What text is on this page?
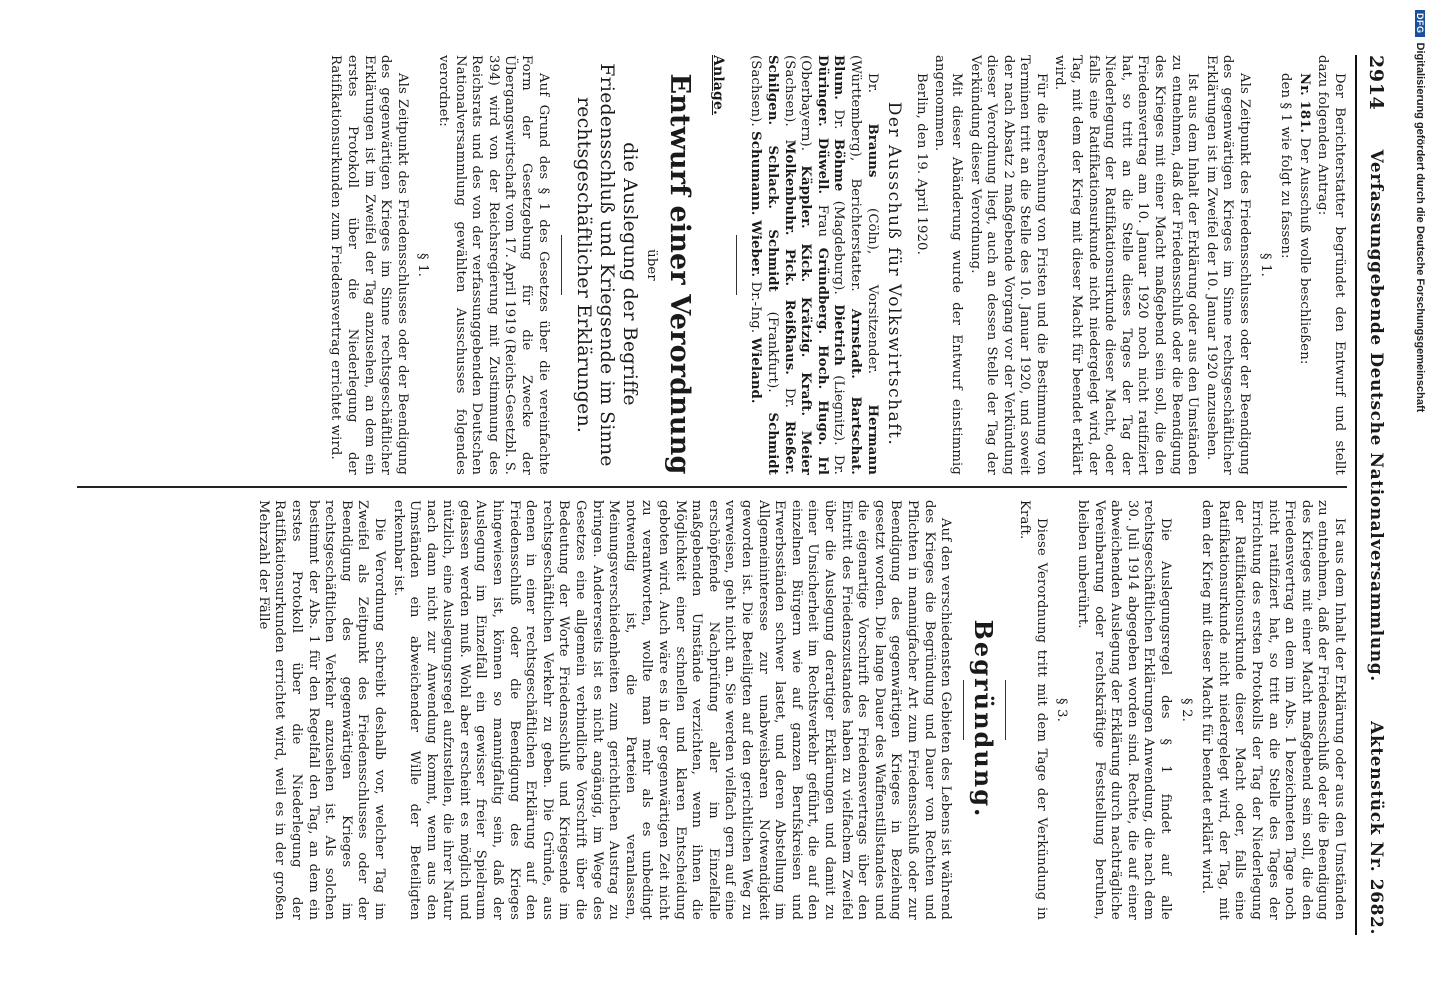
2914
Verfassunggebende Deutsche Nationalversammlung.
Aktenstück Nr. 2682.

Der Berichterstatter begründet den Entwurf und stellt dazu folgenden Antrag:

Nr. 181. Der Ausschuß wolle beschließen:

den § 1 wie folgt zu fassen:

§ 1.

Als Zeitpunkt des Friedensschlusses oder der Beendigung des gegenwärtigen Krieges im Sinne rechtsgeschäftlicher Erklärungen ist im Zweifel der 10. Januar 1920 anzusehen.

Ist aus dem Inhalt der Erklärung oder aus den Umständen zu entnehmen, daß der Friedensschluß oder die Beendigung des Krieges mit einer Macht maßgebend sein soll, die den Friedensvertrag am 10. Januar 1920 noch nicht ratifiziert hat, so tritt an die Stelle dieses Tages der Tag der Niederlegung der Ratifikationsurkunde dieser Macht, oder falls eine Ratifikationsurkunde nicht niedergelegt wird, der Tag, mit dem der Krieg mit dieser Macht für beendet erklärt wird.

Für die Berechnung von Fristen und die Bestimmung von Terminen tritt an die Stelle des 10. Januar 1920, und soweit der nach Absatz 2 maßgebende Vorgang vor der Verkündung dieser Verordnung liegt, auch an dessen Stelle der Tag der Verkündung dieser Verordnung.

Mit dieser Abänderung wurde der Entwurf einstimmig angenommen.

Berlin, den 19. April 1920.

Der Ausschuß für Volkswirtschaft.

Dr. Brauns (Cöln), Vorsitzender. Hermann (Württemberg), Berichterstatter. Arnstadt. Bartschat. Blum. Dr. Böhme (Magdeburg). Dietrich (Liegnitz). Dr. Düringer. Düwell. Frau Gründberg. Hoch. Hugo. Irl (Oberbayern). Käppler. Kick. Krätzig. Kraft. Meier (Sachsen). Molkenbuhr. Pick. Reißhaus. Dr. Rießer. Schilgen. Schlack. Schmidt (Frankfurt). Schmidt (Sachsen). Schumann. Wieber. Dr.-Ing. Wieland.

Anlage.

Entwurf einer Verordnung

über

die Auslegung der Begriffe Friedensschluß und Kriegsende im Sinne rechtsgeschäftlicher Erklärungen.

Auf Grund des § 1 des Gesetzes über die vereinfachte Form der Gesetzgebung für die Zwecke der Übergangswirtschaft vom 17. April 1919 (Reichs-Gesetzbl. S. 394) wird von der Reichsregierung mit Zustimmung des Reichsrats und des von der verfassunggebenden Deutschen Nationalversammlung gewählten Ausschusses folgendes verordnet:

§ 1.

Als Zeitpunkt des Friedensschlusses oder der Beendigung des gegenwärtigen Krieges im Sinne rechtsgeschäftlicher Erklärungen ist im Zweifel der Tag anzusehen, an dem ein erstes Protokoll über die Niederlegung der Ratifikationsurkunden zum Friedensvertrag errichtet wird.

Ist aus dem Inhalt der Erklärung oder aus den Umständen zu entnehmen, daß der Friedensschluß oder die Beendigung des Krieges mit einer Macht maßgebend sein soll, die den Friedensvertrag an dem im Abs. 1 bezeichneten Tage noch nicht ratifiziert hat, so tritt an die Stelle des Tages der Errichtung des ersten Protokolls der Tag der Niederlegung der Ratifikationsurkunde dieser Macht oder, falls eine Ratifikationsurkunde nicht niedergelegt wird, der Tag, mit dem der Krieg mit dieser Macht für beendet erklärt wird.

§ 2.

Die Auslegungsregel des § 1 findet auf alle rechtsgeschäftlichen Erklärungen Anwendung, die nach dem 30. Juli 1914 abgegeben worden sind. Rechte, die auf einer abweichenden Auslegung der Erklärung durch nachträgliche Vereinbarung oder rechtskräftige Feststellung beruhen, bleiben unberührt.

§ 3.

Diese Verordnung tritt mit dem Tage der Verkündung in Kraft.

Begründung.

Auf den verschiedensten Gebieten des Lebens ist während des Krieges die Begründung und Dauer von Rechten und Pflichten in mannigfacher Art zum Friedensschluß oder zur Beendigung des gegenwärtigen Krieges in Beziehung gesetzt worden. Die lange Dauer des Waffenstillstandes und die eigenartige Vorschrift des Friedensvertrags über den Eintritt des Friedenszustandes haben zu vielfachem Zweifel über die Auslegung derartiger Erklärungen und damit zu einer Unsicherheit im Rechtsverkehr geführt, die auf den einzelnen Bürgern wie auf ganzen Berufskreisen und Erwerbsständen schwer lastet, und deren Abstellung im Allgemeininteresse zur unabweisbaren Notwendigkeit geworden ist. Die Beteiligten auf den gerichtlichen Weg zu verweisen, geht nicht an. Sie werden vielfach gern auf eine erschöpfende Nachprüfung aller im Einzelfalle maßgebenden Umstände verzichten, wenn ihnen die Möglichkeit einer schnellen und klaren Entscheidung geboten wird. Auch wäre es in der gegenwärtigen Zeit nicht zu verantworten, wollte man mehr als es unbedingt notwendig ist, die Parteien veranlassen, Meinungsverschiedenheiten zum gerichtlichen Austrag zu bringen. Andererseits ist es nicht angängig, im Wege des Gesetzes eine allgemein verbindliche Vorschrift über die Bedeutung der Worte Friedensschluß und Kriegsende im rechtsgeschäftlichen Verkehr zu geben. Die Gründe, aus denen in einer rechtsgeschäftlichen Erklärung auf den Friedensschluß oder die Beendigung des Krieges hingewiesen ist, können so mannigfaltig sein, daß der Auslegung im Einzelfall ein gewisser freier Spielraum gelassen werden muß. Wohl aber erscheint es möglich und nützlich, eine Auslegungsregel aufzustellen, die ihrer Natur nach dann nicht zur Anwendung kommt, wenn aus den Umständen ein abweichender Wille der Beteiligten erkennbar ist.

Die Verordnung schreibt deshalb vor, welcher Tag im Zweifel als Zeitpunkt des Friedensschlusses oder der Beendigung des gegenwärtigen Krieges im rechtsgeschäftlichen Verkehr anzusehen ist. Als solchen bestimmt der Abs. 1 für den Regelfall den Tag, an dem ein erstes Protokoll über die Niederlegung der Ratifikationsurkunden errichtet wird, weil es in der großen Mehrzahl der Fälle

DFGDigitalisierung gefördert durch die Deutsche Forschungsgemeinschaft
